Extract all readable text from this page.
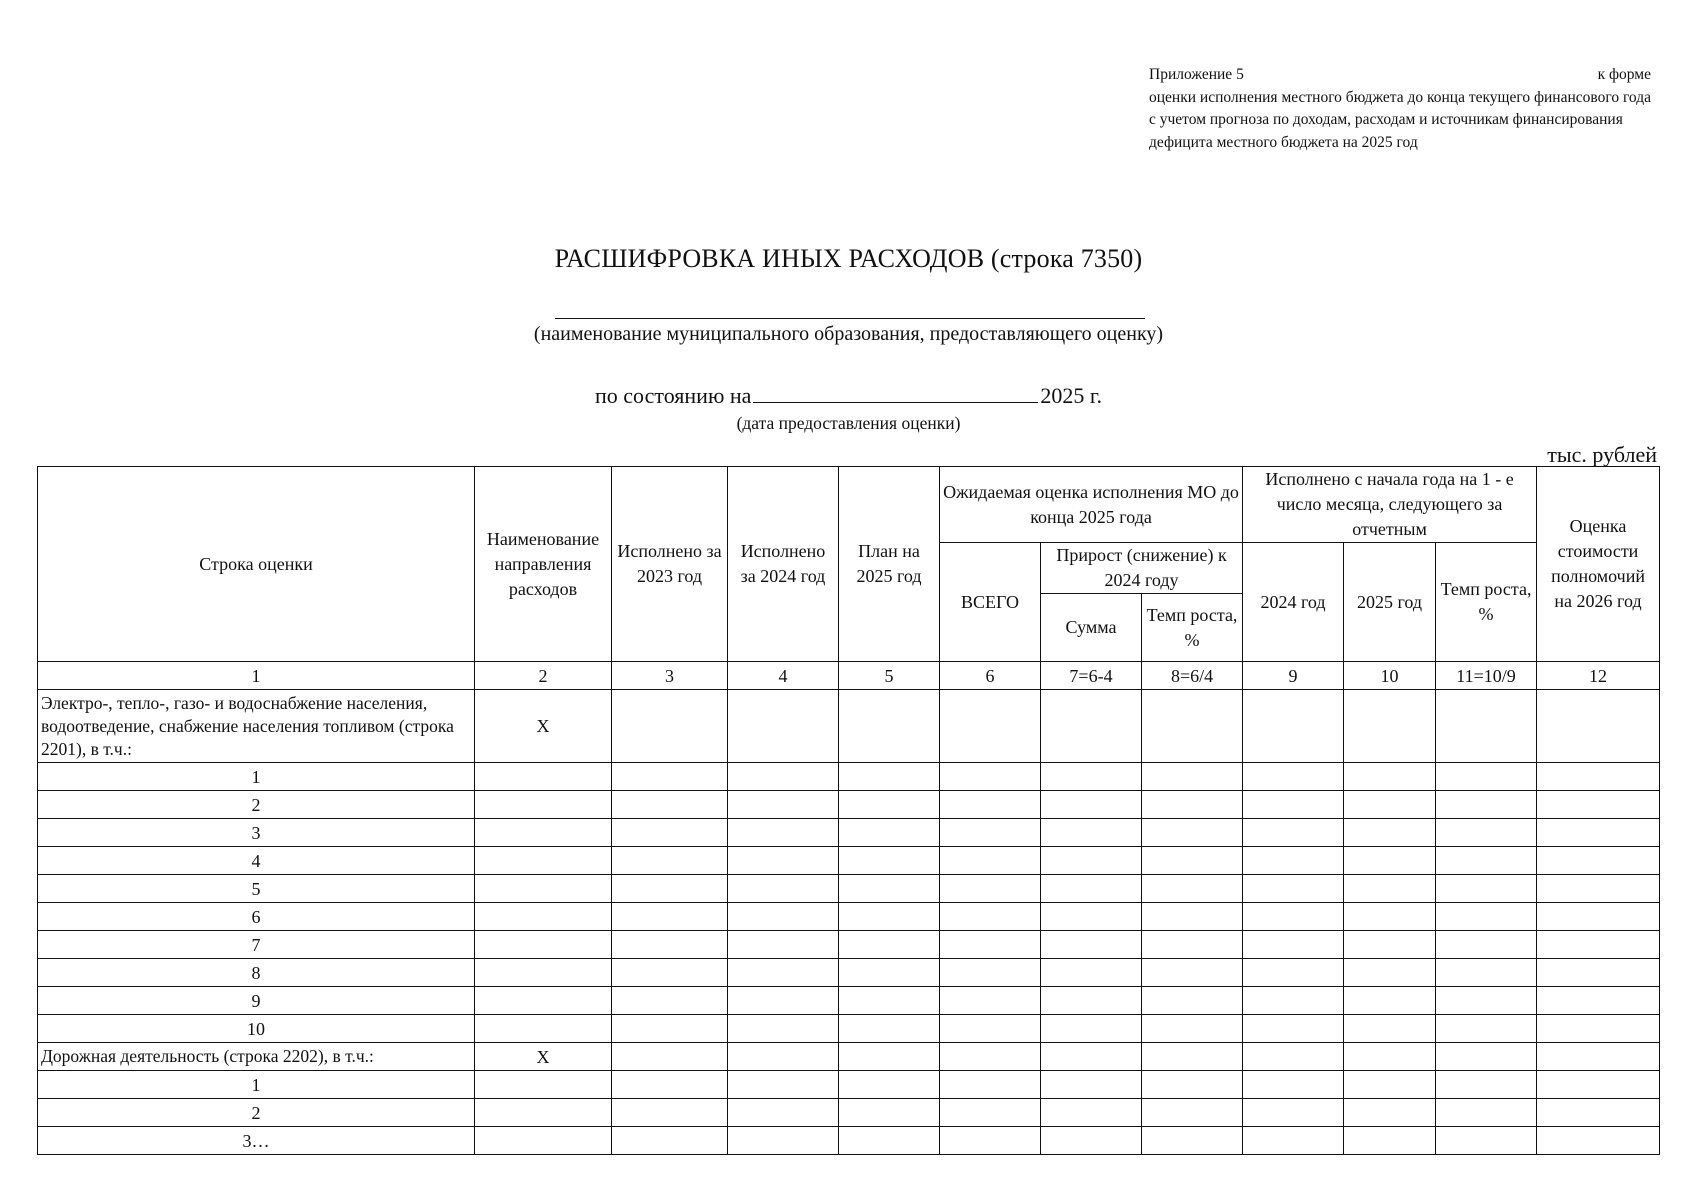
Приложение 5	к форме
оценки исполнения местного бюджета до конца текущего финансового года с учетом прогноза по доходам, расходам и источникам финансирования дефицита местного бюджета на 2025 год
РАСШИФРОВКА ИНЫХ РАСХОДОВ (строка 7350)
(наименование муниципального образования, предоставляющего оценку)
по состоянию на	2025 г.
(дата предоставления оценки)
тыс. рублей
Строка оценки	Наименование направления расходов	Исполнено за 2023 год	Исполнено за 2024 год	План на 2025 год	Ожидаемая оценка исполнения МО до конца 2025 года			Исполнено с начала года на 1 - е число месяца, следующего за отчетным			Оценка стоимости полномочий на 2026 год
					ВСЕГО	Прирост (снижение) к 2024 году		2024 год	2025 год	Темп роста, %	
						Сумма	Темп роста, %				
1	2	3	4	5	6	7=6-4	8=6/4	9	10	11=10/9	12
Электро-, тепло-, газо- и водоснабжение населения, водоотведение, снабжение населения топливом (строка 2201), в т.ч.:	Х										
1											
2											
3											
4											
5											
6											
7											
8											
9											
10											
Дорожная деятельность (строка 2202), в т.ч.:	Х										
1											
2											
3…											
